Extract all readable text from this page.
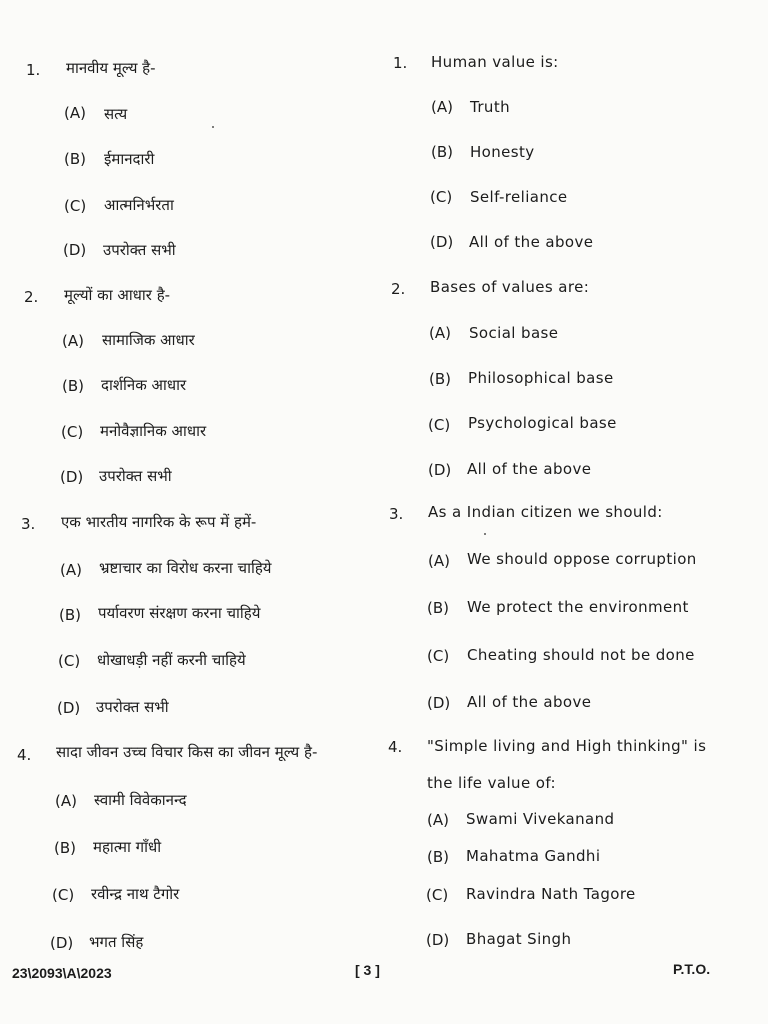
1. मानवीय मूल्य है-
(A) सत्य
(B) ईमानदारी
(C) आत्मनिर्भरता
(D) उपरोक्त सभी
2. मूल्यों का आधार है-
(A) सामाजिक आधार
(B) दार्शनिक आधार
(C) मनोवैज्ञानिक आधार
(D) उपरोक्त सभी
3. एक भारतीय नागरिक के रूप में हमें-
(A) भ्रष्टाचार का विरोध करना चाहिये
(B) पर्यावरण संरक्षण करना चाहिये
(C) धोखाधड़ी नहीं करनी चाहिये
(D) उपरोक्त सभी
4. सादा जीवन उच्च विचार किस का जीवन मूल्य है-
(A) स्वामी विवेकानन्द
(B) महात्मा गाँधी
(C) रवीन्द्र नाथ टैगोर
(D) भगत सिंह
1. Human value is:
(A) Truth
(B) Honesty
(C) Self-reliance
(D) All of the above
2. Bases of values are:
(A) Social base
(B) Philosophical base
(C) Psychological base
(D) All of the above
3. As a Indian citizen we should:
(A) We should oppose corruption
(B) We protect the environment
(C) Cheating should not be done
(D) All of the above
4. "Simple living and High thinking" is
the life value of:
(A) Swami Vivekanand
(B) Mahatma Gandhi
(C) Ravindra Nath Tagore
(D) Bhagat Singh
23\2093\A\2023	[ 3 ]	P.T.O.
